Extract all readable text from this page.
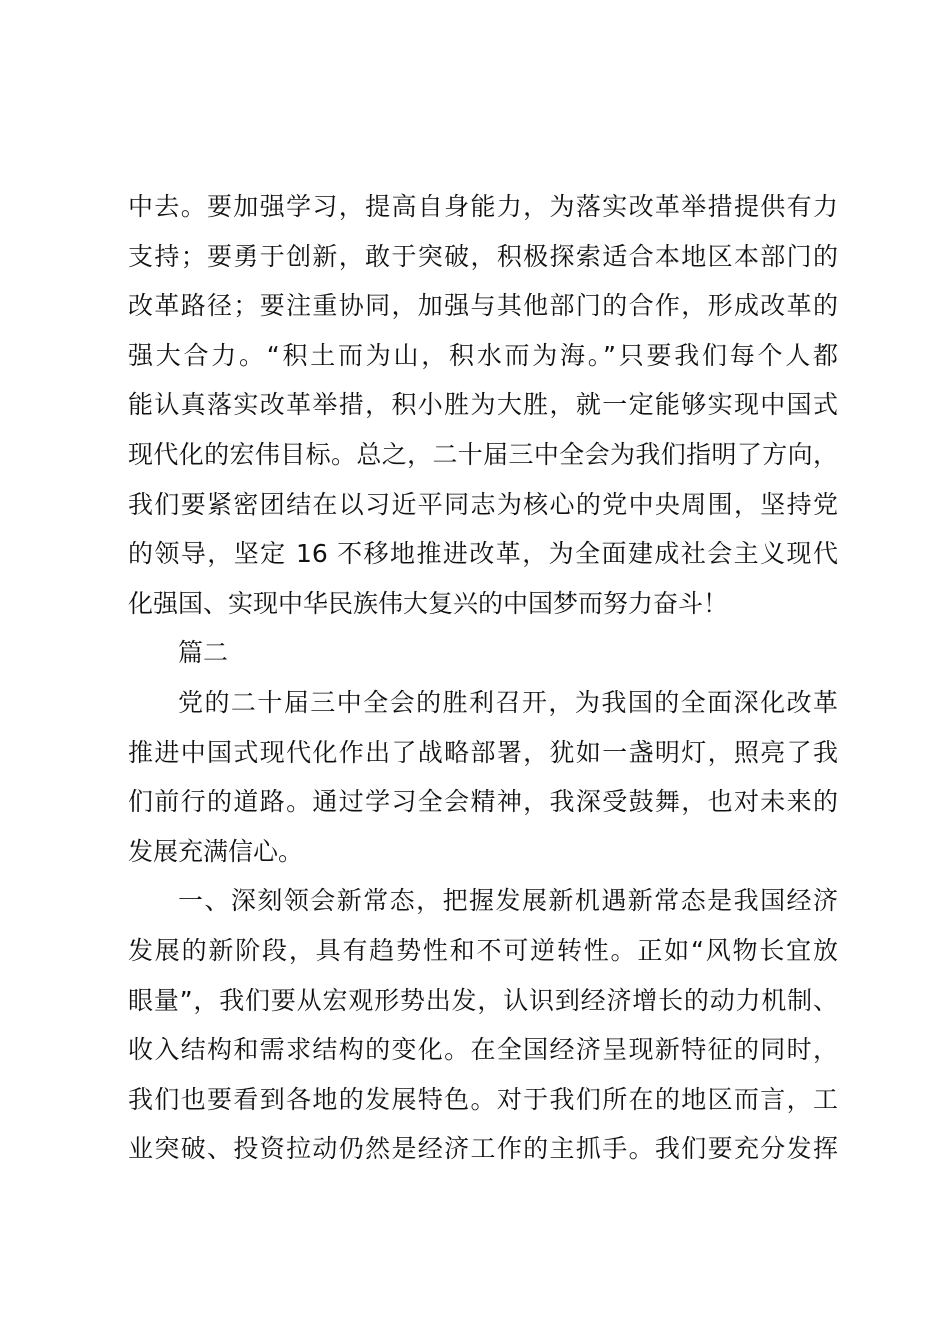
中去。要加强学习，提高自身能力，为落实改革举措提供有力
支持；要勇于创新，敢于突破，积极探索适合本地区本部门的
改革路径；要注重协同，加强与其他部门的合作，形成改革的
强大合力。“积土而为山，积水而为海。”只要我们每个人都
能认真落实改革举措，积小胜为大胜，就一定能够实现中国式
现代化的宏伟目标。总之，二十届三中全会为我们指明了方向，
我们要紧密团结在以习近平同志为核心的党中央周围，坚持党
的领导，坚定 16 不移地推进改革，为全面建成社会主义现代
化强国、实现中华民族伟大复兴的中国梦而努力奋斗！
篇二
党的二十届三中全会的胜利召开，为我国的全面深化改革
推进中国式现代化作出了战略部署，犹如一盏明灯，照亮了我
们前行的道路。通过学习全会精神，我深受鼓舞，也对未来的
发展充满信心。
一、深刻领会新常态，把握发展新机遇新常态是我国经济
发展的新阶段，具有趋势性和不可逆转性。正如“风物长宜放
眼量”，我们要从宏观形势出发，认识到经济增长的动力机制、
收入结构和需求结构的变化。在全国经济呈现新特征的同时，
我们也要看到各地的发展特色。对于我们所在的地区而言，工
业突破、投资拉动仍然是经济工作的主抓手。我们要充分发挥
